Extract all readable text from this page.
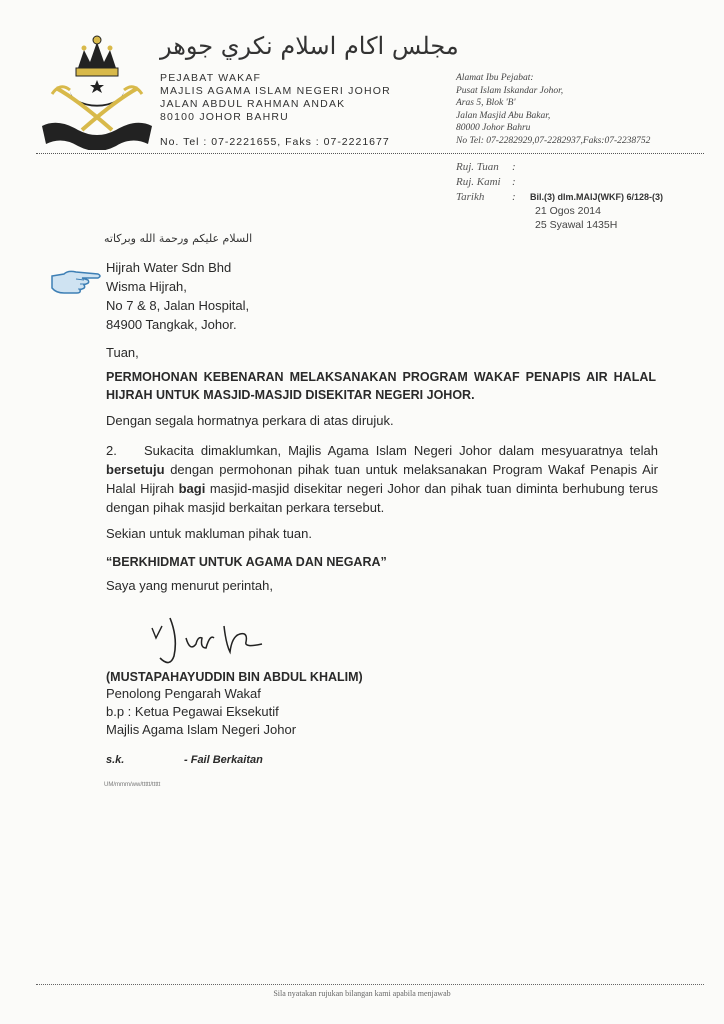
مجلس اکام اسلام نکري جوهر
PEJABAT WAKAF
MAJLIS AGAMA ISLAM NEGERI JOHOR
JALAN ABDUL RAHMAN ANDAK
80100 JOHOR BAHRU
No. Tel : 07-2221655, Faks : 07-2221677
Alamat Ibu Pejabat:
Pusat Islam Iskandar Johor,
Aras 5, Blok 'B'
Jalan Masjid Abu Bakar,
80000 Johor Bahru
No Tel: 07-2282929,07-2282937,Faks:07-2238752
Ruj. Tuan :
Ruj. Kami :
Tarikh	: Bil.(3) dlm.MAIJ(WKF) 6/128-(3)
21 Ogos 2014
25 Syawal 1435H
السلام عليكم ورحمة الله وبركاته
Hijrah Water Sdn Bhd
Wisma Hijrah,
No 7 & 8, Jalan Hospital,
84900 Tangkak, Johor.
Tuan,
PERMOHONAN KEBENARAN MELAKSANAKAN PROGRAM WAKAF PENAPIS AIR HALAL HIJRAH UNTUK MASJID-MASJID DISEKITAR NEGERI JOHOR.
Dengan segala hormatnya perkara di atas dirujuk.
2. Sukacita dimaklumkan, Majlis Agama Islam Negeri Johor dalam mesyuaratnya telah bersetuju dengan permohonan pihak tuan untuk melaksanakan Program Wakaf Penapis Air Halal Hijrah bagi masjid-masjid disekitar negeri Johor dan pihak tuan diminta berhubung terus dengan pihak masjid berkaitan perkara tersebut.
Sekian untuk makluman pihak tuan.
“BERKHIDMAT UNTUK AGAMA DAN NEGARA”
Saya yang menurut perintah,
(MUSTAPAHAYUDDIN BIN ABDUL KHALIM)
Penolong Pengarah Wakaf
b.p : Ketua Pegawai Eksekutif
Majlis Agama Islam Negeri Johor
s.k.	- Fail Berkaitan
UM/mmm/ww/ttttt/ttttt
Sila nyatakan rujukan bilangan kami apabila menjawab
